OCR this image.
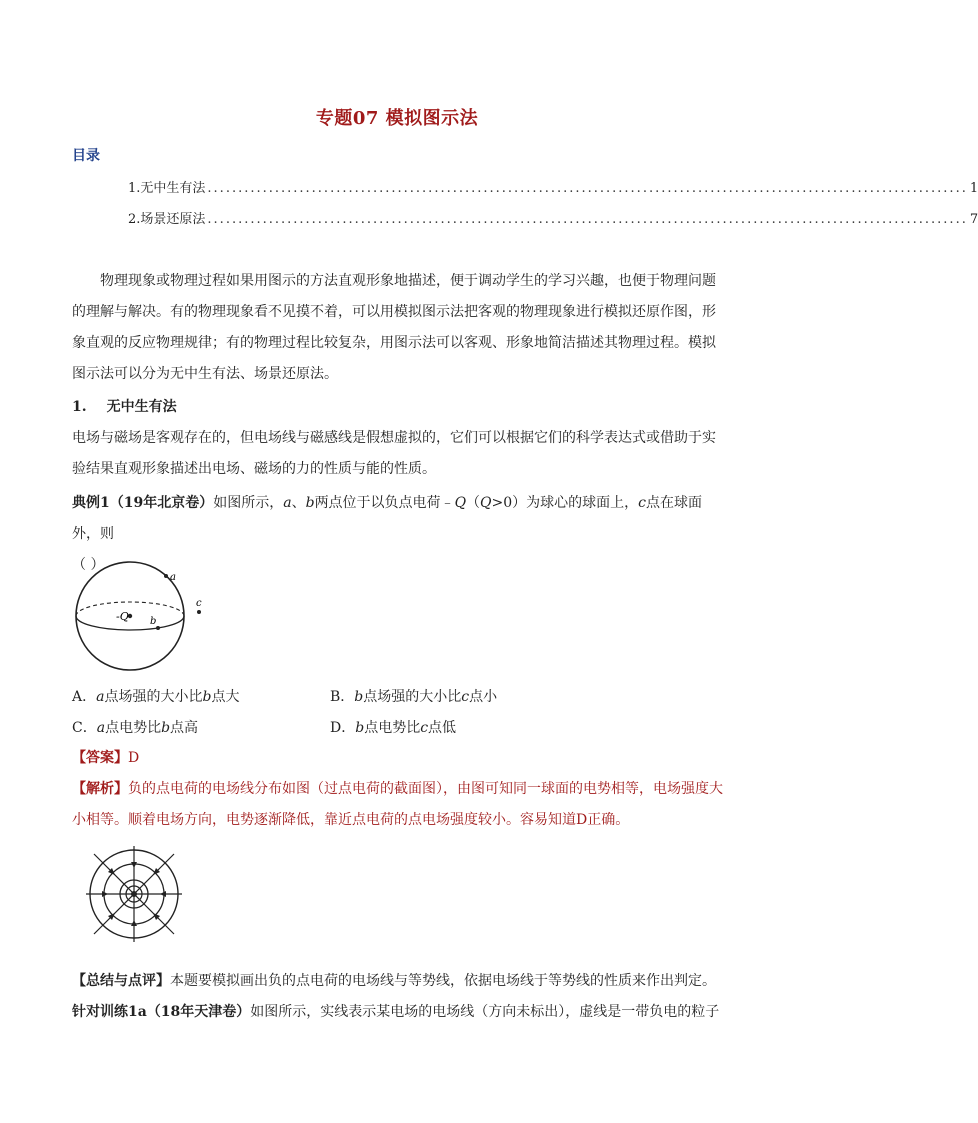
专题07 模拟图示法
目录
1. 无中生有法 ............................................................................................................................ 1
2. 场景还原法 ............................................................................................................................ 7
物理现象或物理过程如果用图示的方法直观形象地描述，便于调动学生的学习兴趣，也便于物理问题的理解与解决。有的物理现象看不见摸不着，可以用模拟图示法把客观的物理现象进行模拟还原作图，形象直观的反应物理规律；有的物理过程比较复杂，用图示法可以客观、形象地简洁描述其物理过程。模拟图示法可以分为无中生有法、场景还原法。
1. 无中生有法
电场与磁场是客观存在的，但电场线与磁感线是假想虚拟的，它们可以根据它们的科学表达式或借助于实验结果直观形象描述出电场、磁场的力的性质与能的性质。
典例1（19年北京卷）如图所示，a、b两点位于以负点电荷﹣Q（Q>0）为球心的球面上，c点在球面外，则
（ ）
-Q
a
b
c
A．a点场强的大小比b点大	B．b点场强的大小比c点小
C．a点电势比b点高	D．b点电势比c点低
【答案】D
【解析】负的点电荷的电场线分布如图（过点电荷的截面图），由图可知同一球面的电势相等，电场强度大小相等。顺着电场方向，电势逐渐降低，靠近点电荷的点电场强度较小。容易知道D正确。
【总结与点评】本题要模拟画出负的点电荷的电场线与等势线，依据电场线于等势线的性质来作出判定。
针对训练1a（18年天津卷）如图所示，实线表示某电场的电场线（方向未标出），虚线是一带负电的粒子
